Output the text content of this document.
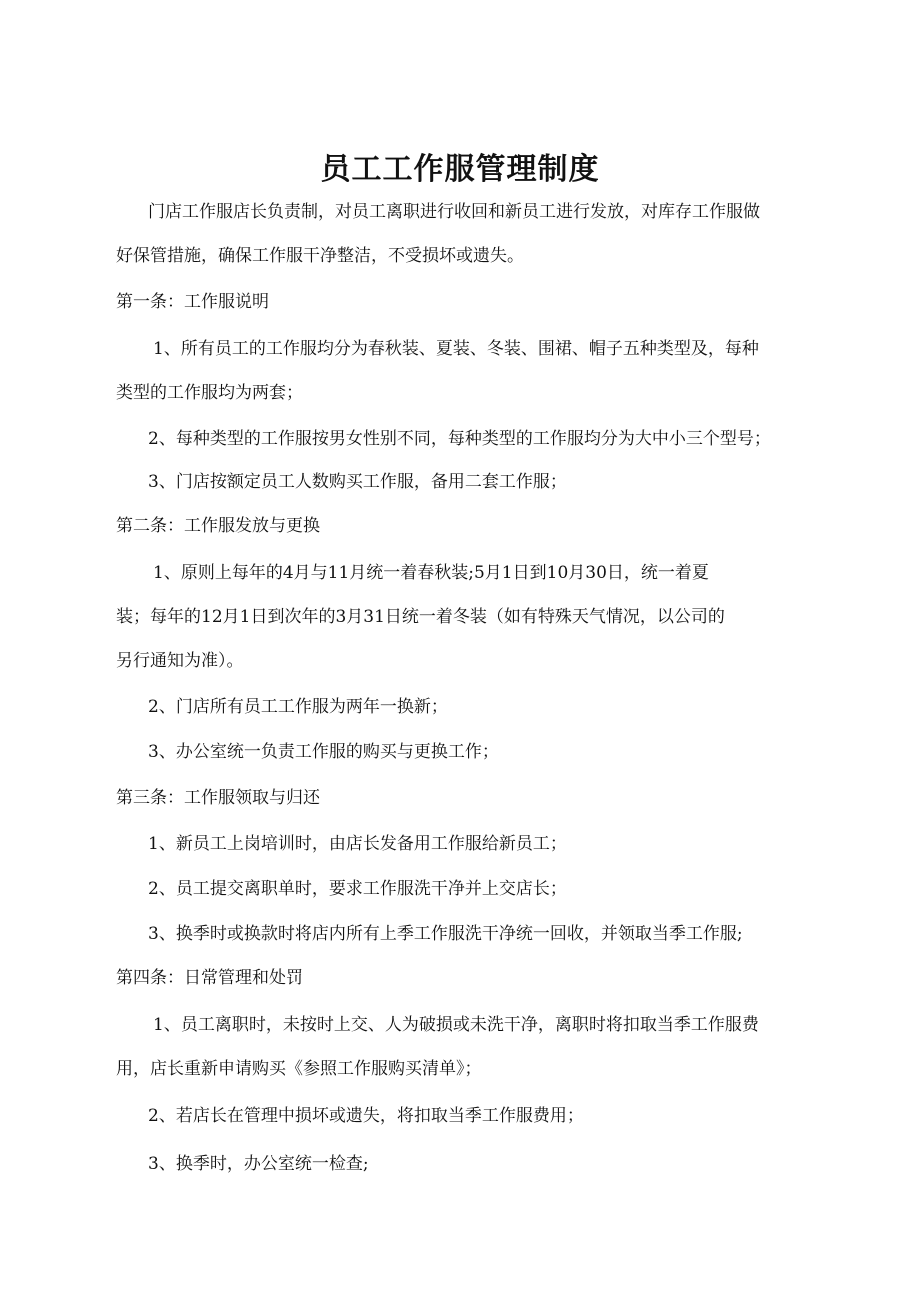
员工工作服管理制度

门店工作服店长负责制，对员工离职进行收回和新员工进行发放，对库存工作服做

好保管措施，确保工作服干净整洁，不受损坏或遗失。

第一条：工作服说明

1、所有员工的工作服均分为春秋装、夏装、冬装、围裙、帽子五种类型及，每种

类型的工作服均为两套；

2、每种类型的工作服按男女性别不同，每种类型的工作服均分为大中小三个型号；

3、门店按额定员工人数购买工作服，备用二套工作服；

第二条：工作服发放与更换

1、原则上每年的4月与11月统一着春秋装;5月1日到10月30日，统一着夏

装；每年的12月1日到次年的3月31日统一着冬装（如有特殊天气情况，以公司的

另行通知为准）。

2、门店所有员工工作服为两年一换新；

3、办公室统一负责工作服的购买与更换工作；

第三条：工作服领取与归还

1、新员工上岗培训时，由店长发备用工作服给新员工；

2、员工提交离职单时，要求工作服洗干净并上交店长；

3、换季时或换款时将店内所有上季工作服洗干净统一回收，并领取当季工作服;

第四条：日常管理和处罚

1、员工离职时，未按时上交、人为破损或未洗干净，离职时将扣取当季工作服费

用，店长重新申请购买《参照工作服购买清单》；

2、若店长在管理中损坏或遗失，将扣取当季工作服费用；

3、换季时，办公室统一检查;
